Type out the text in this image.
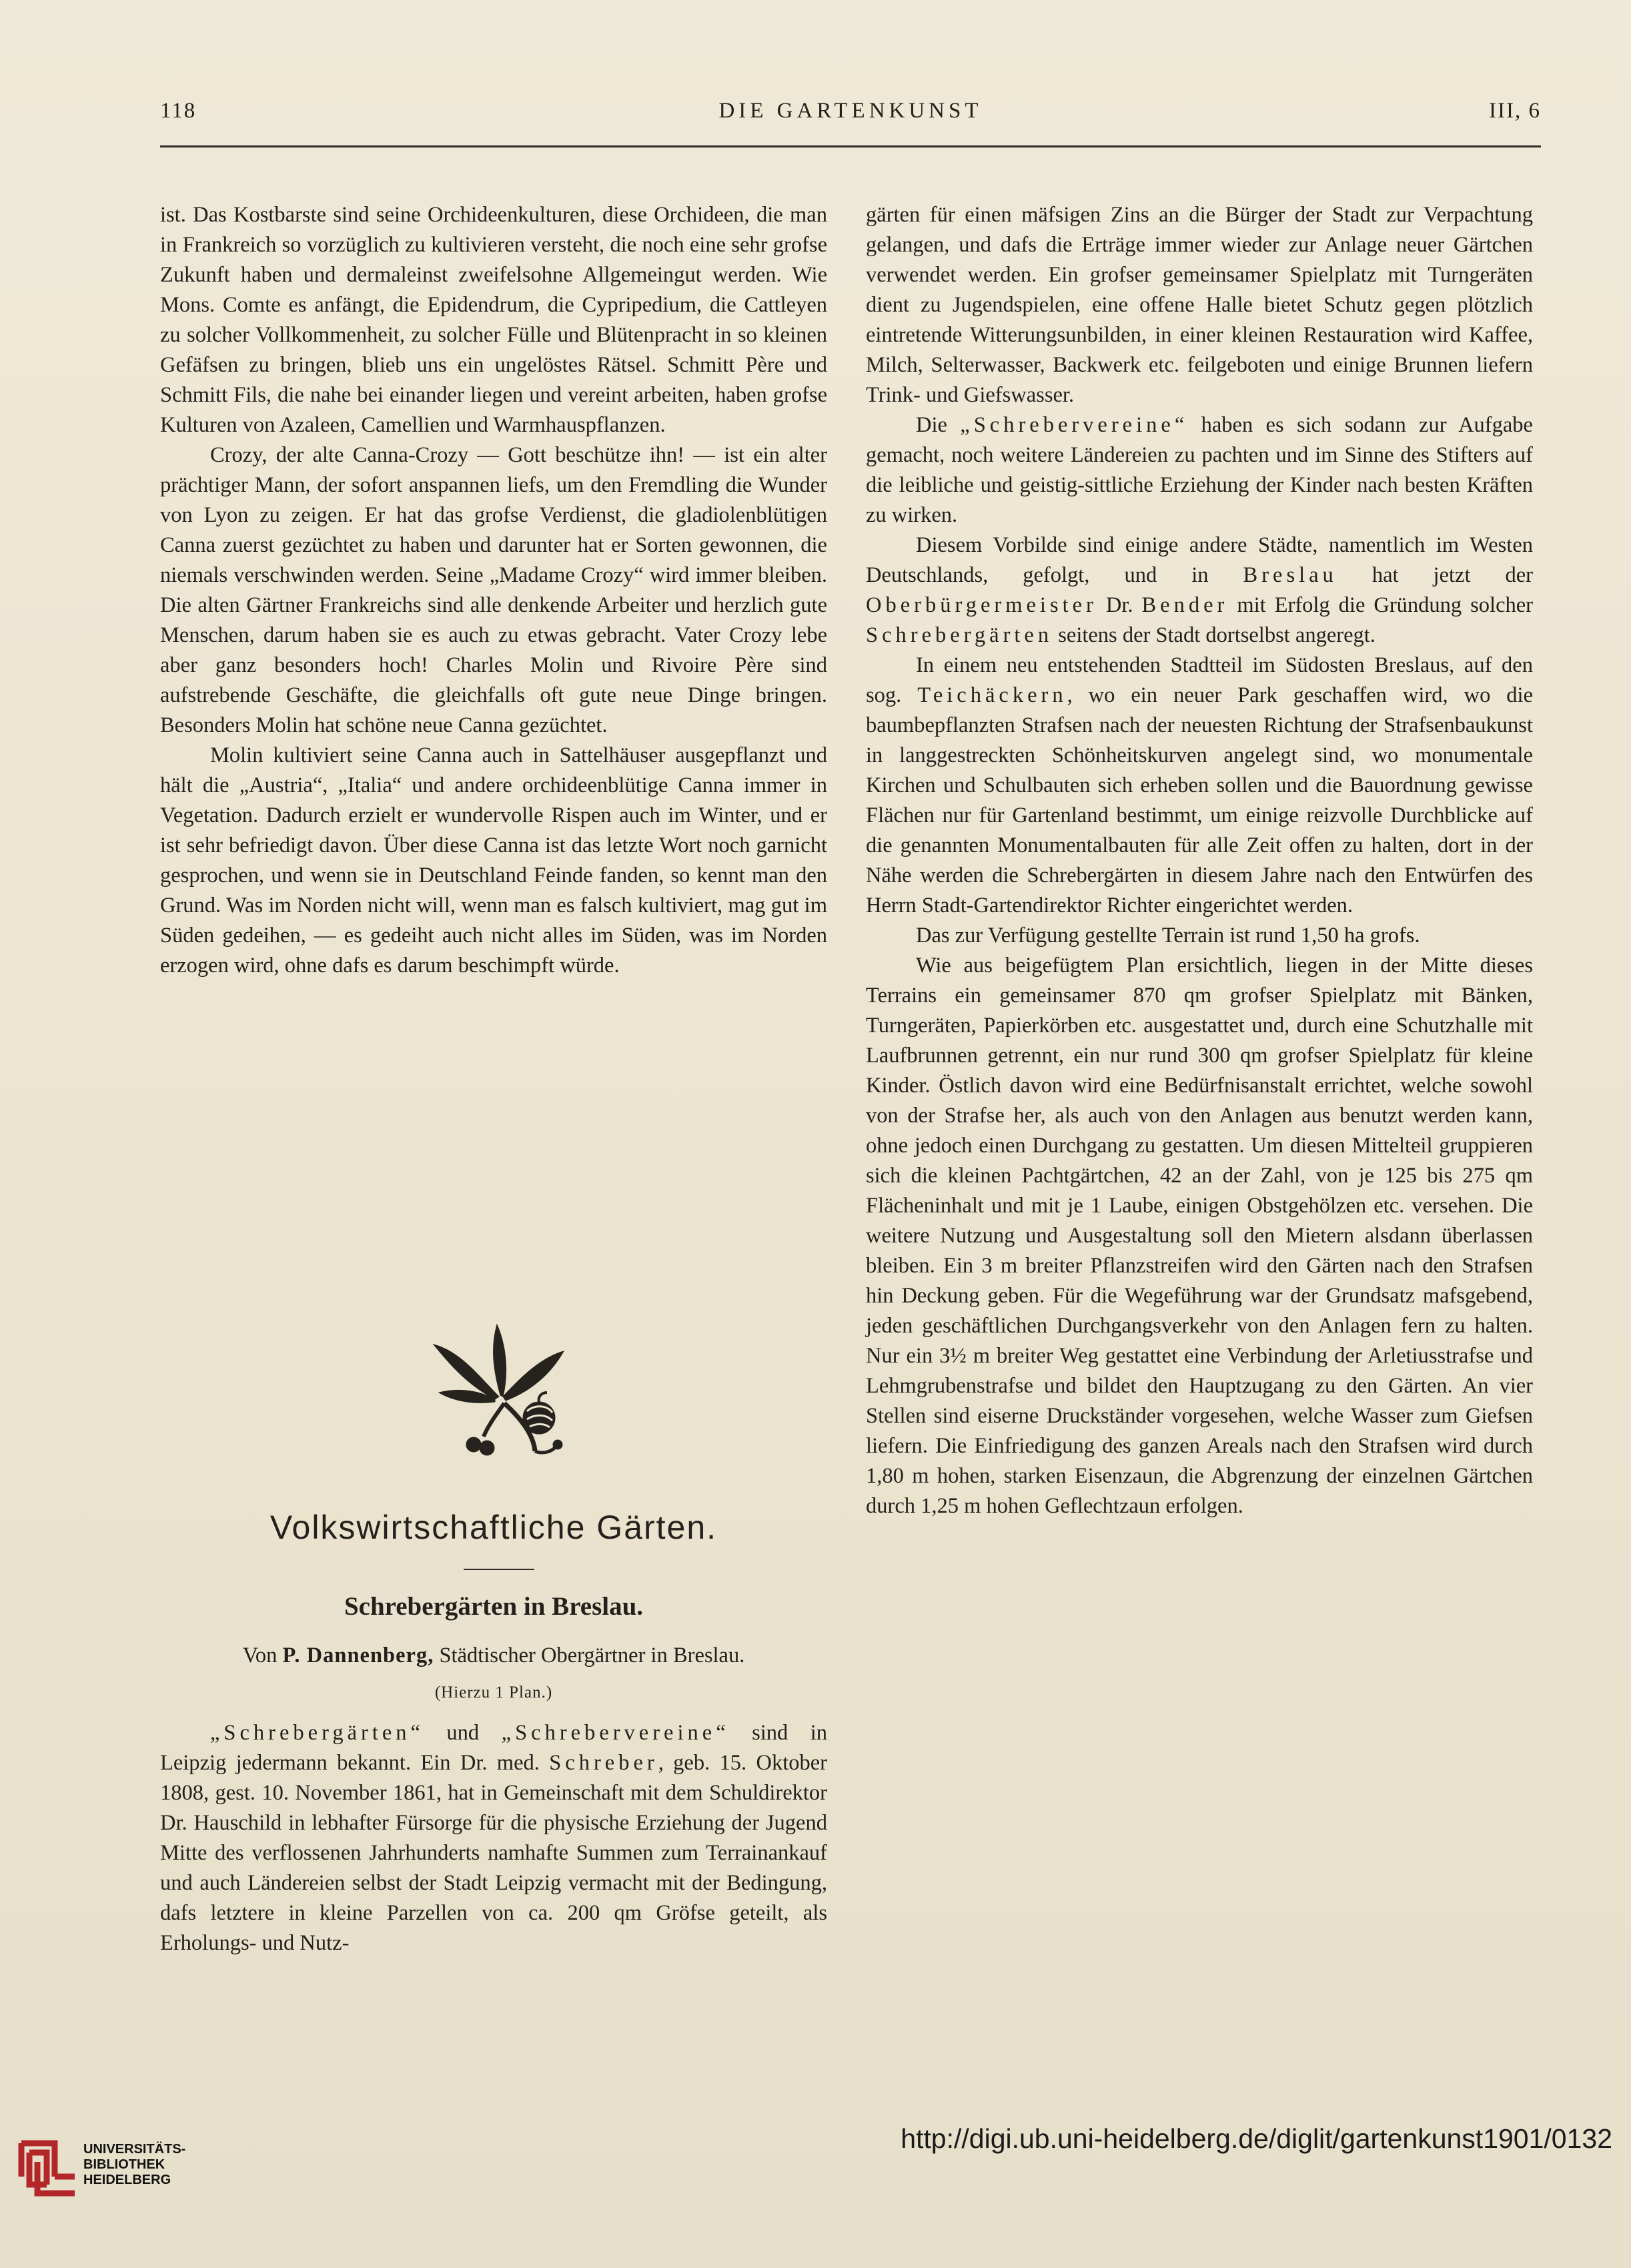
118	DIE GARTENKUNST	III, 6

ist. Das Kostbarste sind seine Orchideenkulturen, diese Orchideen, die man in Frankreich so vorzüglich zu kultivieren versteht, die noch eine sehr grofse Zukunft haben und dermaleinst zweifelsohne Allgemeingut werden. Wie Mons. Comte es anfängt, die Epidendrum, die Cypripedium, die Cattleyen zu solcher Vollkommenheit, zu solcher Fülle und Blütenpracht in so kleinen Gefäfsen zu bringen, blieb uns ein ungelöstes Rätsel. Schmitt Père und Schmitt Fils, die nahe bei einander liegen und vereint arbeiten, haben grofse Kulturen von Azaleen, Camellien und Warmhauspflanzen.

Crozy, der alte Canna-Crozy — Gott beschütze ihn! — ist ein alter prächtiger Mann, der sofort anspannen liefs, um den Fremdling die Wunder von Lyon zu zeigen. Er hat das grofse Verdienst, die gladiolenblütigen Canna zuerst gezüchtet zu haben und darunter hat er Sorten gewonnen, die niemals verschwinden werden. Seine „Madame Crozy“ wird immer bleiben. Die alten Gärtner Frankreichs sind alle denkende Arbeiter und herzlich gute Menschen, darum haben sie es auch zu etwas gebracht. Vater Crozy lebe aber ganz besonders hoch! Charles Molin und Rivoire Père sind aufstrebende Geschäfte, die gleichfalls oft gute neue Dinge bringen. Besonders Molin hat schöne neue Canna gezüchtet.

Molin kultiviert seine Canna auch in Sattelhäuser ausgepflanzt und hält die „Austria“, „Italia“ und andere orchideenblütige Canna immer in Vegetation. Dadurch erzielt er wundervolle Rispen auch im Winter, und er ist sehr befriedigt davon. Über diese Canna ist das letzte Wort noch garnicht gesprochen, und wenn sie in Deutschland Feinde fanden, so kennt man den Grund. Was im Norden nicht will, wenn man es falsch kultiviert, mag gut im Süden gedeihen, — es gedeiht auch nicht alles im Süden, was im Norden erzogen wird, ohne dafs es darum beschimpft würde.

Volkswirtschaftliche Gärten.
Schrebergärten in Breslau.
Von P. Dannenberg, Städtischer Obergärtner in Breslau.
(Hierzu 1 Plan.)

„Schrebergärten“ und „Schrebervereine“ sind in Leipzig jedermann bekannt. Ein Dr. med. Schreber, geb. 15. Oktober 1808, gest. 10. November 1861, hat in Gemeinschaft mit dem Schuldirektor Dr. Hauschild in lebhafter Fürsorge für die physische Erziehung der Jugend Mitte des verflossenen Jahrhunderts namhafte Summen zum Terrainankauf und auch Ländereien selbst der Stadt Leipzig vermacht mit der Bedingung, dafs letztere in kleine Parzellen von ca. 200 qm Gröfse geteilt, als Erholungs- und Nutz-

gärten für einen mäfsigen Zins an die Bürger der Stadt zur Verpachtung gelangen, und dafs die Erträge immer wieder zur Anlage neuer Gärtchen verwendet werden. Ein grofser gemeinsamer Spielplatz mit Turngeräten dient zu Jugendspielen, eine offene Halle bietet Schutz gegen plötzlich eintretende Witterungsunbilden, in einer kleinen Restauration wird Kaffee, Milch, Selterwasser, Backwerk etc. feilgeboten und einige Brunnen liefern Trink- und Giefswasser.

Die „Schrebervereine“ haben es sich sodann zur Aufgabe gemacht, noch weitere Ländereien zu pachten und im Sinne des Stifters auf die leibliche und geistig-sittliche Erziehung der Kinder nach besten Kräften zu wirken.

Diesem Vorbilde sind einige andere Städte, namentlich im Westen Deutschlands, gefolgt, und in Breslau hat jetzt der Oberbürgermeister Dr. Bender mit Erfolg die Gründung solcher Schrebergärten seitens der Stadt dortselbst angeregt.

In einem neu entstehenden Stadtteil im Südosten Breslaus, auf den sog. Teichäckern, wo ein neuer Park geschaffen wird, wo die baumbepflanzten Strafsen nach der neuesten Richtung der Strafsenbaukunst in langgestreckten Schönheitskurven angelegt sind, wo monumentale Kirchen und Schulbauten sich erheben sollen und die Bauordnung gewisse Flächen nur für Gartenland bestimmt, um einige reizvolle Durchblicke auf die genannten Monumentalbauten für alle Zeit offen zu halten, dort in der Nähe werden die Schrebergärten in diesem Jahre nach den Entwürfen des Herrn Stadt-Gartendirektor Richter eingerichtet werden.

Das zur Verfügung gestellte Terrain ist rund 1,50 ha grofs.

Wie aus beigefügtem Plan ersichtlich, liegen in der Mitte dieses Terrains ein gemeinsamer 870 qm grofser Spielplatz mit Bänken, Turngeräten, Papierkörben etc. ausgestattet und, durch eine Schutzhalle mit Laufbrunnen getrennt, ein nur rund 300 qm grofser Spielplatz für kleine Kinder. Östlich davon wird eine Bedürfnisanstalt errichtet, welche sowohl von der Strafse her, als auch von den Anlagen aus benutzt werden kann, ohne jedoch einen Durchgang zu gestatten. Um diesen Mittelteil gruppieren sich die kleinen Pachtgärtchen, 42 an der Zahl, von je 125 bis 275 qm Flächeninhalt und mit je 1 Laube, einigen Obstgehölzen etc. versehen. Die weitere Nutzung und Ausgestaltung soll den Mietern alsdann überlassen bleiben. Ein 3 m breiter Pflanzstreifen wird den Gärten nach den Strafsen hin Deckung geben. Für die Wegeführung war der Grundsatz mafsgebend, jeden geschäftlichen Durchgangsverkehr von den Anlagen fern zu halten. Nur ein 3½ m breiter Weg gestattet eine Verbindung der Arletiusstrafse und Lehmgrubenstrafse und bildet den Hauptzugang zu den Gärten. An vier Stellen sind eiserne Druckständer vorgesehen, welche Wasser zum Giefsen liefern. Die Einfriedigung des ganzen Areals nach den Strafsen wird durch 1,80 m hohen, starken Eisenzaun, die Abgrenzung der einzelnen Gärtchen durch 1,25 m hohen Geflechtzaun erfolgen.

UNIVERSITÄTS-
BIBLIOTHEK
HEIDELBERG
http://digi.ub.uni-heidelberg.de/diglit/gartenkunst1901/0132
